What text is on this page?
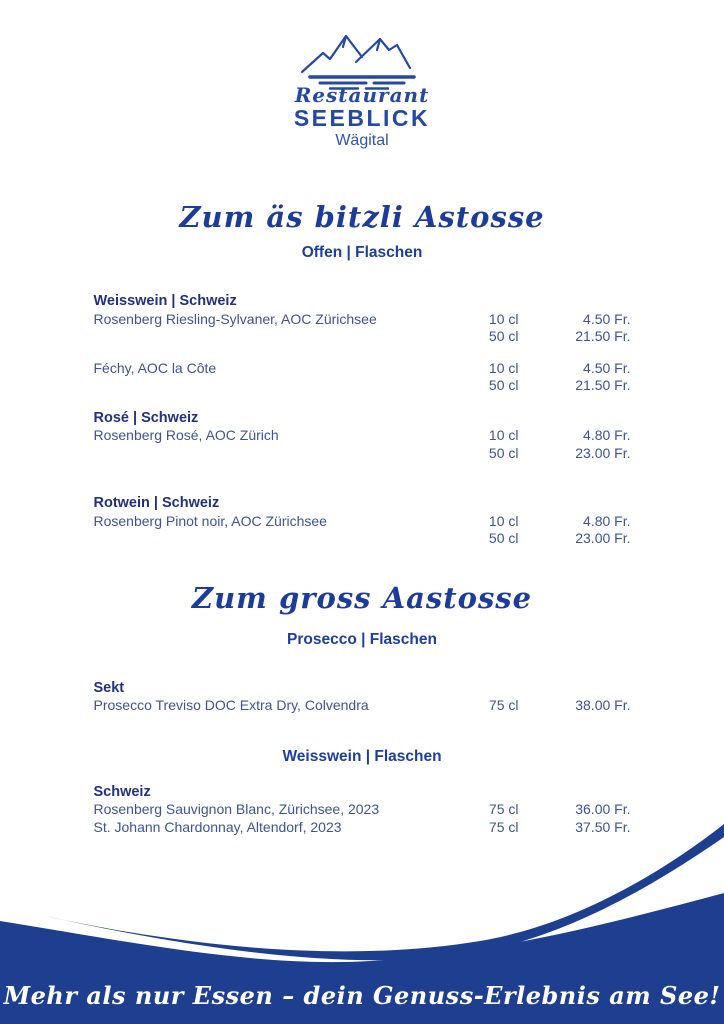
Restaurant
SEEBLICK
Wägital
Zum äs bitzli Astosse
Offen | Flaschen
Weisswein | Schweiz
Rosenberg Riesling-Sylvaner, AOC Zürichsee	10 cl	4.50 Fr.
50 cl	21.50 Fr.
Féchy, AOC la Côte	10 cl	4.50 Fr.
50 cl	21.50 Fr.
Rosé | Schweiz
Rosenberg Rosé, AOC Zürich	10 cl	4.80 Fr.
50 cl	23.00 Fr.
Rotwein | Schweiz
Rosenberg Pinot noir, AOC Zürichsee	10 cl	4.80 Fr.
50 cl	23.00 Fr.
Zum gross Aastosse
Prosecco | Flaschen
Sekt
Prosecco Treviso DOC Extra Dry, Colvendra	75 cl	38.00 Fr.
Weisswein | Flaschen
Schweiz
Rosenberg Sauvignon Blanc, Zürichsee, 2023	75 cl	36.00 Fr.
St. Johann Chardonnay, Altendorf, 2023	75 cl	37.50 Fr.
Mehr als nur Essen – dein Genuss-Erlebnis am See!
